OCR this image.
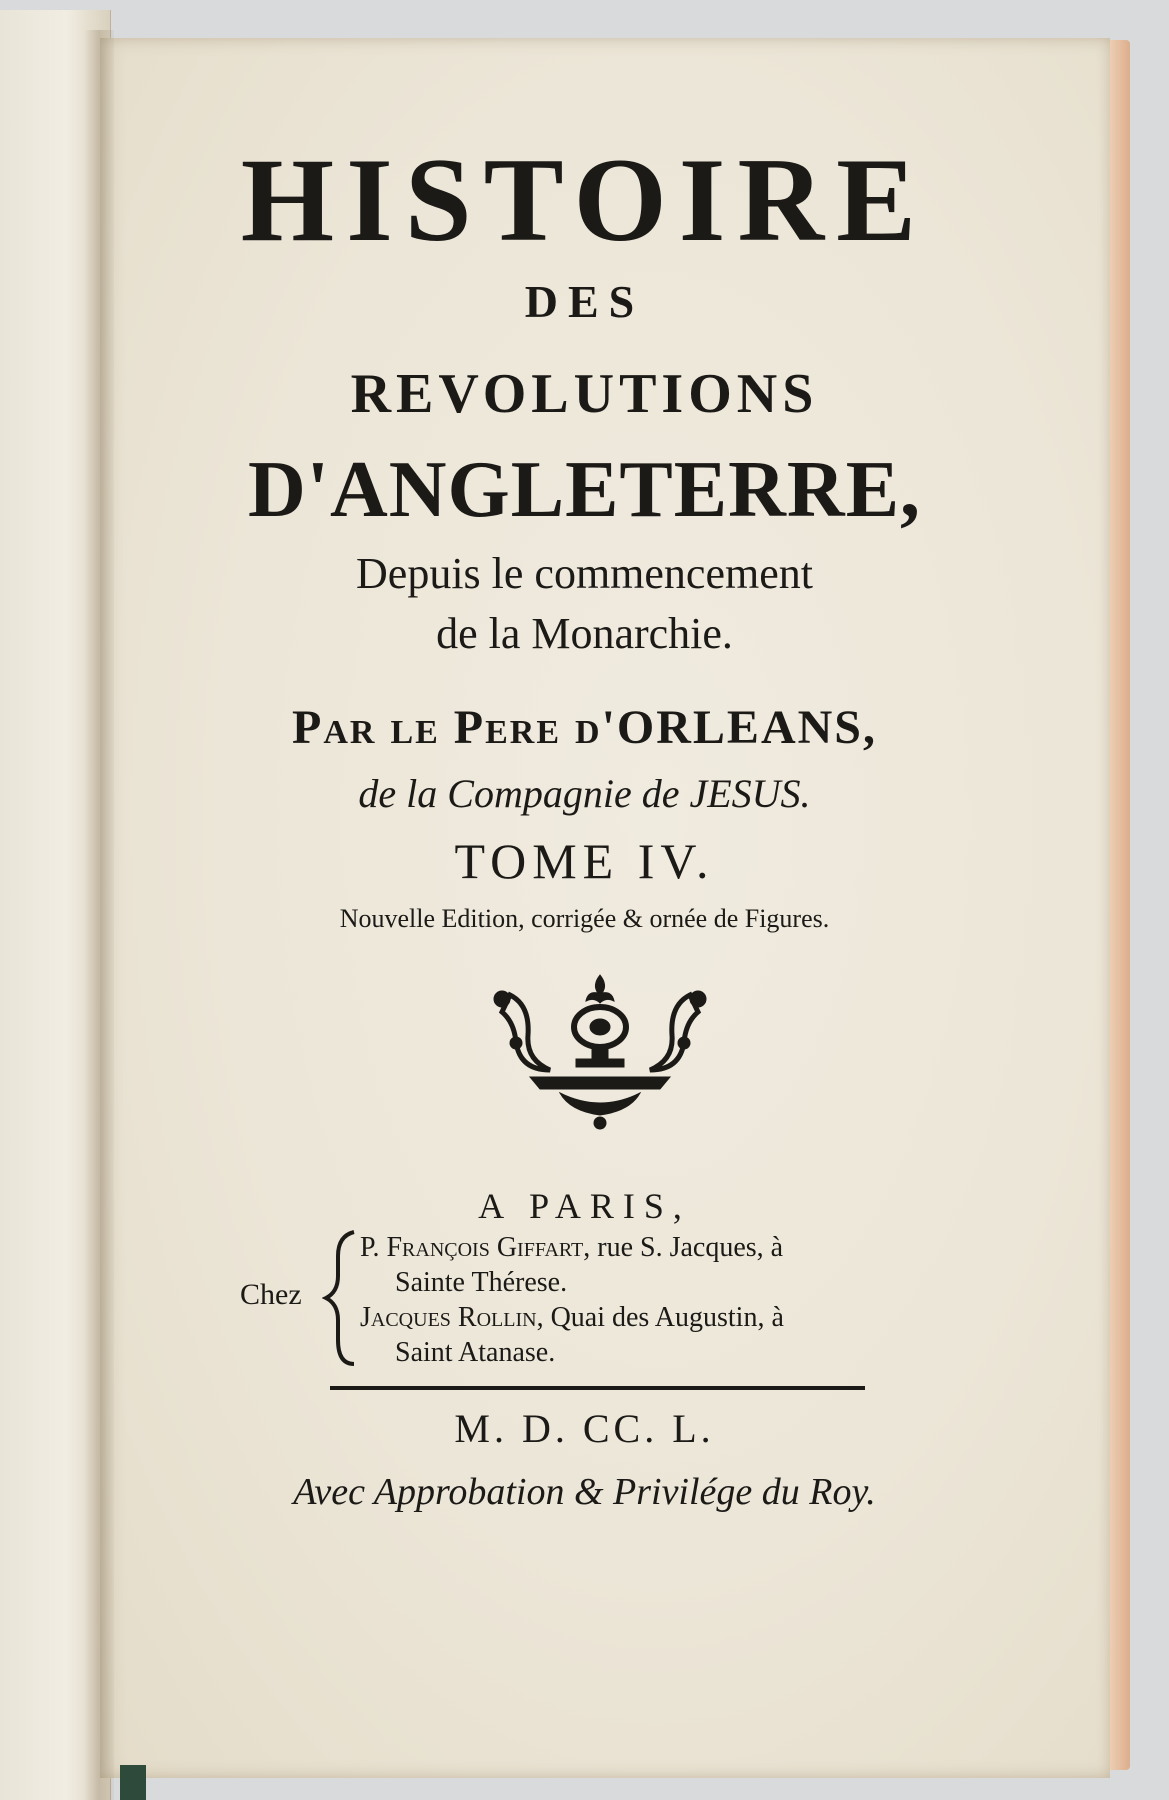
HISTOIRE
DES
REVOLUTIONS
D'ANGLETERRE,
Depuis le commencement
de la Monarchie.
Par le Pere d'ORLEANS,
de la Compagnie de JESUS.
TOME IV.
Nouvelle Edition, corrigée & ornée de Figures.
A PARIS,
Chez
P. François Giffart, rue S. Jacques, à
Sainte Thérese.
Jacques Rollin, Quai des Augustin, à
Saint Atanase.
M. D. CC. L.
Avec Approbation & Privilége du Roy.
